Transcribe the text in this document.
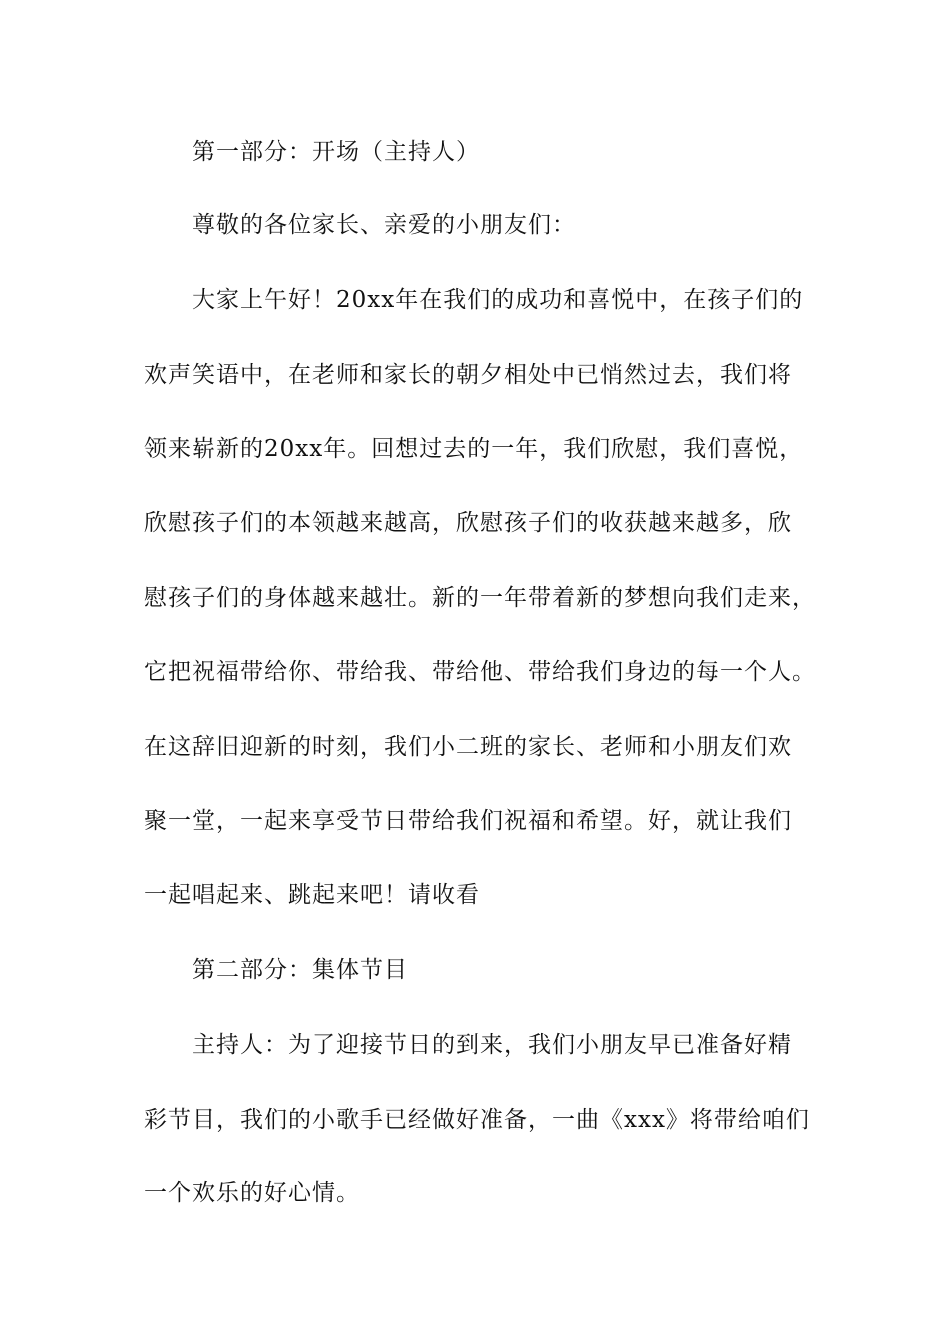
第一部分：开场（主持人）
尊敬的各位家长、亲爱的小朋友们：
大家上午好！20xx年在我们的成功和喜悦中，在孩子们的
欢声笑语中，在老师和家长的朝夕相处中已悄然过去，我们将
领来崭新的20xx年。回想过去的一年，我们欣慰，我们喜悦，
欣慰孩子们的本领越来越高，欣慰孩子们的收获越来越多，欣
慰孩子们的身体越来越壮。新的一年带着新的梦想向我们走来，
它把祝福带给你、带给我、带给他、带给我们身边的每一个人。
在这辞旧迎新的时刻，我们小二班的家长、老师和小朋友们欢
聚一堂，一起来享受节日带给我们祝福和希望。好，就让我们
一起唱起来、跳起来吧！请收看
第二部分：集体节目
主持人：为了迎接节日的到来，我们小朋友早已准备好精
彩节目，我们的小歌手已经做好准备，一曲《xxx》将带给咱们
一个欢乐的好心情。
